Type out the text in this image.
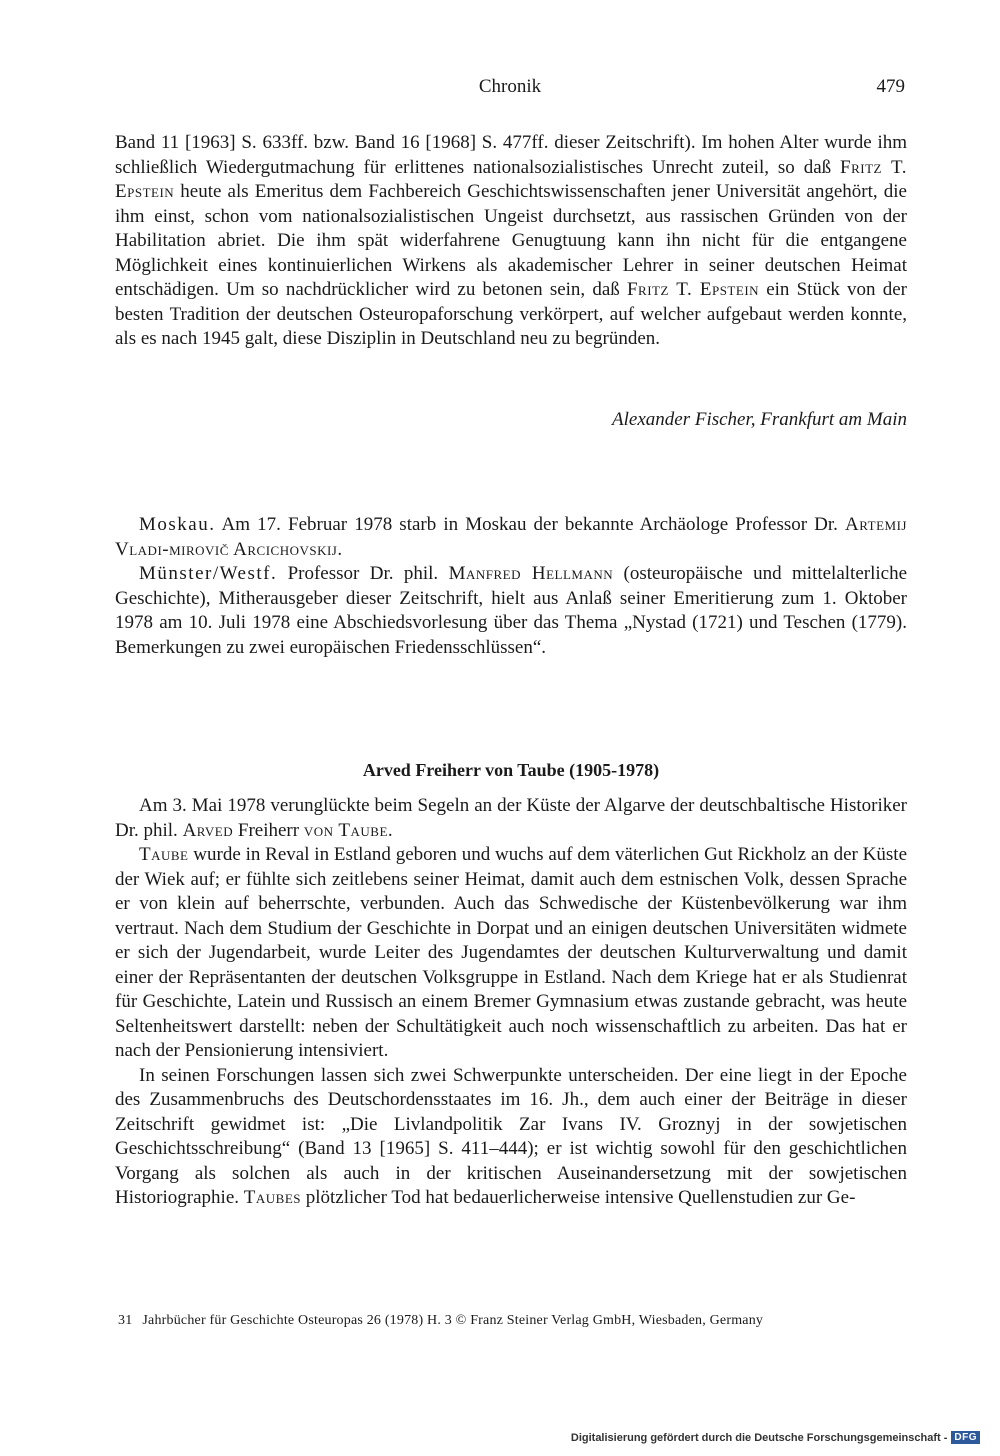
Chronik	479

Band 11 [1963] S. 633ff. bzw. Band 16 [1968] S. 477ff. dieser Zeitschrift). Im hohen Alter wurde ihm schließlich Wiedergutmachung für erlittenes nationalsozialistisches Unrecht zuteil, so daß Fritz T. Epstein heute als Emeritus dem Fachbereich Geschichtswissenschaften jener Universität angehört, die ihm einst, schon vom nationalsozialistischen Ungeist durchsetzt, aus rassischen Gründen von der Habilitation abriet. Die ihm spät widerfahrene Genugtuung kann ihn nicht für die entgangene Möglichkeit eines kontinuierlichen Wirkens als akademischer Lehrer in seiner deutschen Heimat entschädigen. Um so nachdrücklicher wird zu betonen sein, daß Fritz T. Epstein ein Stück von der besten Tradition der deutschen Osteuropaforschung verkörpert, auf welcher aufgebaut werden konnte, als es nach 1945 galt, diese Disziplin in Deutschland neu zu begründen.

Alexander Fischer, Frankfurt am Main

Moskau. Am 17. Februar 1978 starb in Moskau der bekannte Archäologe Professor Dr. Artemij Vladi-mirovič Arcichovskij.

Münster/Westf. Professor Dr. phil. Manfred Hellmann (osteuropäische und mittelalterliche Geschichte), Mitherausgeber dieser Zeitschrift, hielt aus Anlaß seiner Emeritierung zum 1. Oktober 1978 am 10. Juli 1978 eine Abschiedsvorlesung über das Thema „Nystad (1721) und Teschen (1779). Bemerkungen zu zwei europäischen Friedensschlüssen“.

Arved Freiherr von Taube (1905-1978)

Am 3. Mai 1978 verunglückte beim Segeln an der Küste der Algarve der deutschbaltische Historiker Dr. phil. Arved Freiherr von Taube.

Taube wurde in Reval in Estland geboren und wuchs auf dem väterlichen Gut Rickholz an der Küste der Wiek auf; er fühlte sich zeitlebens seiner Heimat, damit auch dem estnischen Volk, dessen Sprache er von klein auf beherrschte, verbunden. Auch das Schwedische der Küstenbevölkerung war ihm vertraut. Nach dem Studium der Geschichte in Dorpat und an einigen deutschen Universitäten widmete er sich der Jugendarbeit, wurde Leiter des Jugendamtes der deutschen Kulturverwaltung und damit einer der Repräsentanten der deutschen Volksgruppe in Estland. Nach dem Kriege hat er als Studienrat für Geschichte, Latein und Russisch an einem Bremer Gymnasium etwas zustande gebracht, was heute Seltenheitswert darstellt: neben der Schultätigkeit auch noch wissenschaftlich zu arbeiten. Das hat er nach der Pensionierung intensiviert.

In seinen Forschungen lassen sich zwei Schwerpunkte unterscheiden. Der eine liegt in der Epoche des Zusammenbruchs des Deutschordensstaates im 16. Jh., dem auch einer der Beiträge in dieser Zeitschrift gewidmet ist: „Die Livlandpolitik Zar Ivans IV. Groznyj in der sowjetischen Geschichtsschreibung“ (Band 13 [1965] S. 411–444); er ist wichtig sowohl für den geschichtlichen Vorgang als solchen als auch in der kritischen Auseinandersetzung mit der sowjetischen Historiographie. Taubes plötzlicher Tod hat bedauerlicherweise intensive Quellenstudien zur Ge-

31 Jahrbücher für Geschichte Osteuropas 26 (1978) H. 3 © Franz Steiner Verlag GmbH, Wiesbaden, Germany
Digitalisierung gefördert durch die Deutsche Forschungsgemeinschaft - DFG
